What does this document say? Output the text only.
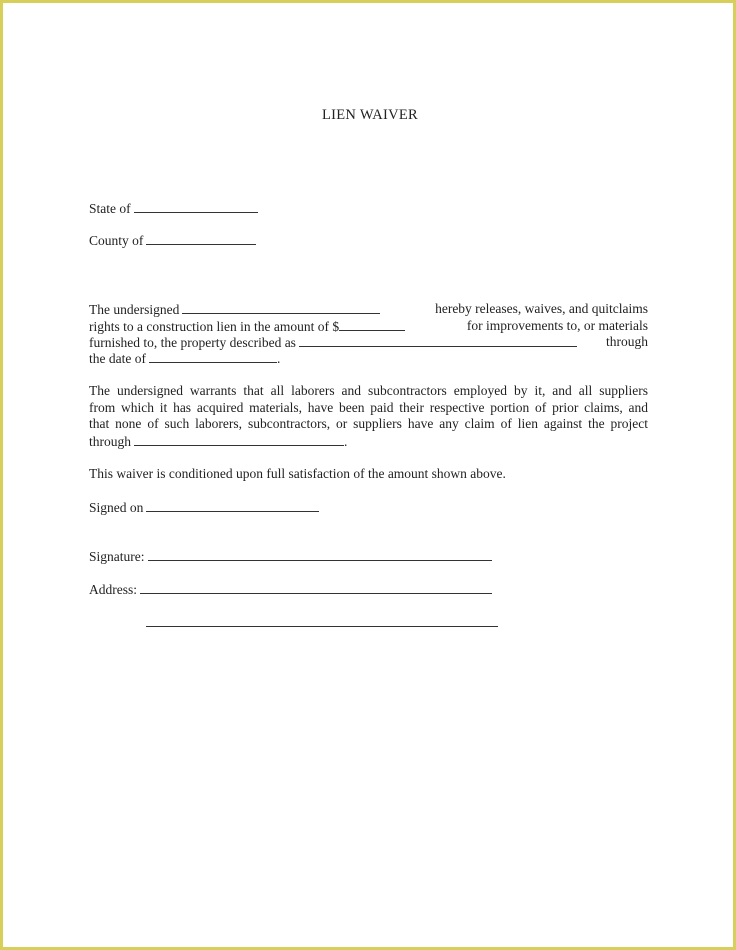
LIEN WAIVER
State of
County of
The undersigned	hereby releases, waives, and quitclaims
rights to a construction lien in the amount of $	for improvements to, or materials
furnished to, the property described as	through
the date of	.

The undersigned warrants that all laborers and subcontractors employed by it, and all suppliers

from which it has acquired materials, have been paid their respective portion of prior claims, and

that none of such laborers, subcontractors, or suppliers have any claim of lien against the project

through	.
This waiver is conditioned upon full satisfaction of the amount shown above.
Signed on
Signature:
Address:
